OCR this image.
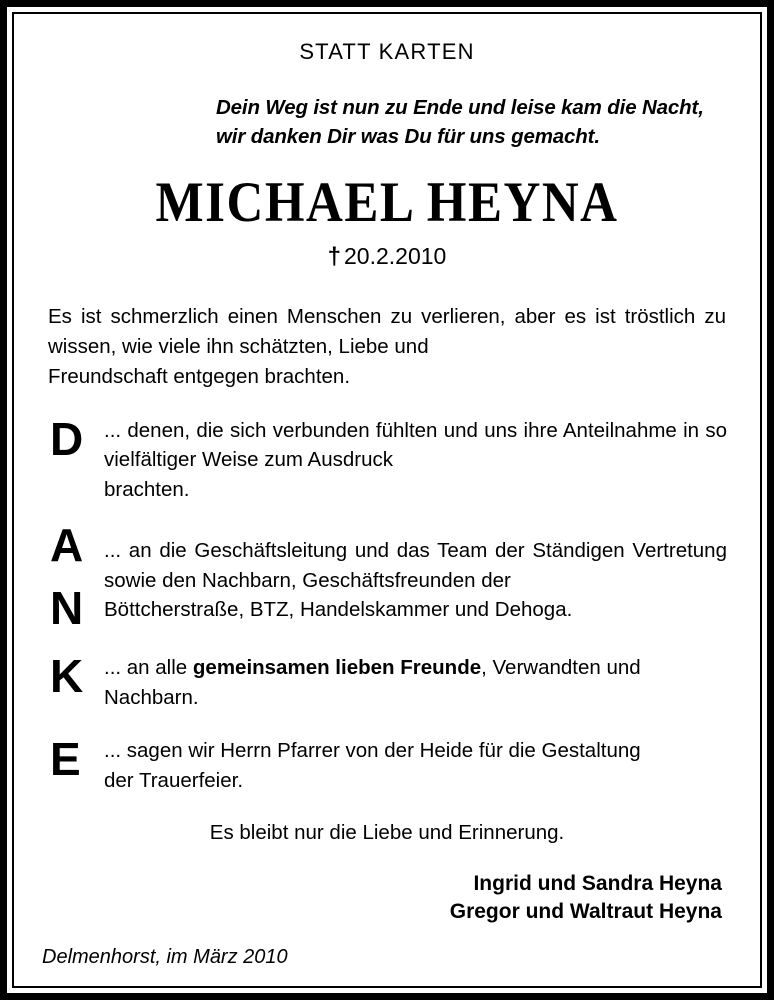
STATT KARTEN
Dein Weg ist nun zu Ende und leise kam die Nacht,
wir danken Dir was Du für uns gemacht.
MICHAEL HEYNA
† 20.2.2010
Es ist schmerzlich einen Menschen zu verlieren, aber es ist tröstlich zu wissen, wie viele ihn schätzten, Liebe und
Freundschaft entgegen brachten.
D	... denen, die sich verbunden fühlten und uns ihre Anteilnahme in so vielfältiger Weise zum Ausdruck
brachten.
A
N
... an die Geschäftsleitung und das Team der Ständigen Vertretung sowie den Nachbarn, Geschäftsfreunden der
Böttcherstraße, BTZ, Handelskammer und Dehoga.
K	... an alle gemeinsamen lieben Freunde, Verwandten und
Nachbarn.
E	... sagen wir Herrn Pfarrer von der Heide für die Gestaltung
der Trauerfeier.
Es bleibt nur die Liebe und Erinnerung.
Ingrid und Sandra Heyna
Gregor und Waltraut Heyna
Delmenhorst, im März 2010
